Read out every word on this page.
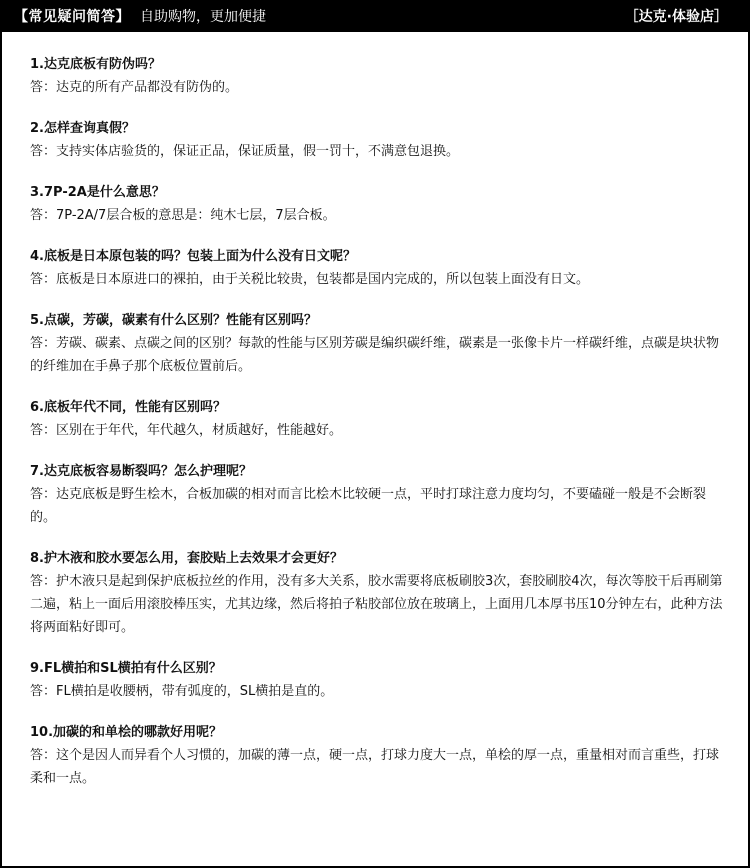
【常见疑问简答】 自助购物，更加便捷	［达克·体验店］
1.达克底板有防伪吗？
答：达克的所有产品都没有防伪的。
2.怎样查询真假？
答：支持实体店验货的，保证正品，保证质量，假一罚十，不满意包退换。
3.7P-2A是什么意思？
答：7P-2A/7层合板的意思是：纯木七层，7层合板。
4.底板是日本原包装的吗？包装上面为什么没有日文呢？
答：底板是日本原进口的裸拍，由于关税比较贵，包装都是国内完成的，所以包装上面没有日文。
5.点碳，芳碳，碳素有什么区别？性能有区别吗？
答：芳碳、碳素、点碳之间的区别？每款的性能与区别芳碳是编织碳纤维，碳素是一张像卡片一样碳纤维，点碳是块状物的纤维加在手鼻子那个底板位置前后。
6.底板年代不同，性能有区别吗？
答：区别在于年代，年代越久，材质越好，性能越好。
7.达克底板容易断裂吗？怎么护理呢？
答：达克底板是野生桧木，合板加碳的相对而言比桧木比较硬一点，平时打球注意力度均匀，不要磕碰一般是不会断裂的。
8.护木液和胶水要怎么用，套胶贴上去效果才会更好？
答：护木液只是起到保护底板拉丝的作用，没有多大关系，胶水需要将底板刷胶3次，套胶刷胶4次，每次等胶干后再刷第二遍，粘上一面后用滚胶棒压实，尤其边缘，然后将拍子粘胶部位放在玻璃上，上面用几本厚书压10分钟左右，此种方法将两面粘好即可。
9.FL横拍和SL横拍有什么区别？
答：FL横拍是收腰柄，带有弧度的，SL横拍是直的。
10.加碳的和单桧的哪款好用呢？
答：这个是因人而异看个人习惯的，加碳的薄一点，硬一点，打球力度大一点，单桧的厚一点，重量相对而言重些，打球柔和一点。
